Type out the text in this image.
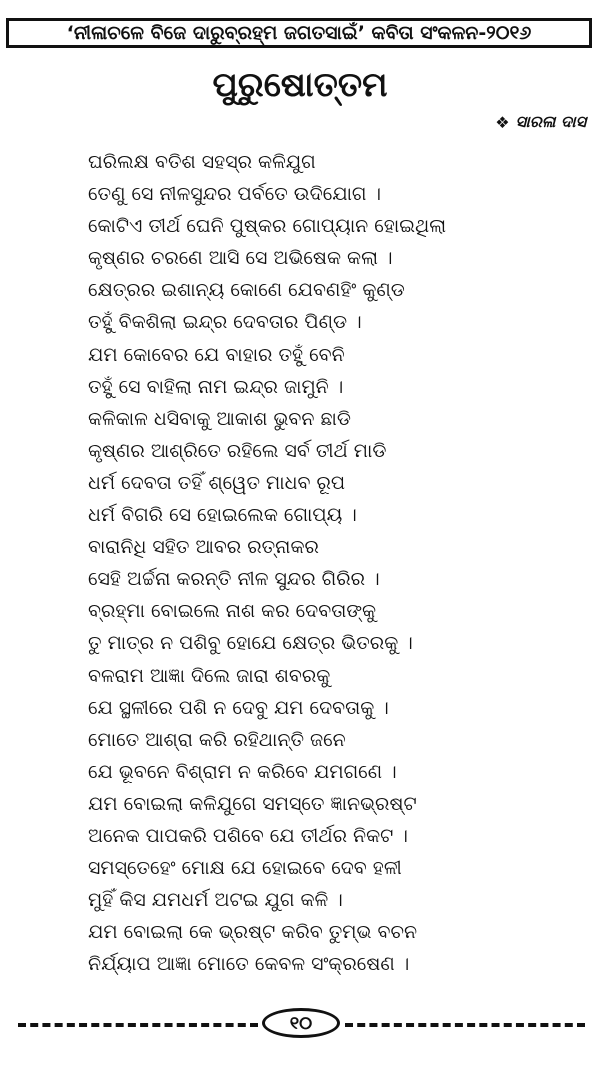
‘ନୀଳାଚଳେ ବିଜେ ଦାରୁବ୍ରହ୍ମ ଜଗତସାଇଁ’ କବିତା ସଂକଳନ-୨୦୧୬
ପୁରୁଷୋତ୍ତମ
❖ ସାରଳା ଦାସ
ଘରିଲକ୍ଷ ବତିଶ ସହସ୍ର କଳିଯୁଗ
ତେଣୁ ସେ ନୀଳସୁନ୍ଦର ପର୍ବତେ ଉଦିଯୋଗ ।
କୋଟିଏ ତୀର୍ଥ ଘେନି ପୁଷ୍କର ଗୋପ୍ୟାନ ହୋଇଥିଲା
କୃଷ୍ଣର ଚରଣେ ଆସି ସେ ଅଭିଷେକ କଲା ।
କ୍ଷେତ୍ରର ଇଶାନ୍ୟ କୋଣେ ଯେବଣହିଂ କୁଣ୍ଡ
ତହୁଁ ବିକଶିଲା ଇନ୍ଦ୍ର ଦେବତାର ପିଣ୍ଡ ।
ଯମ କୋବେର ଯେ ବାହାର ତହୁଁ ବେନି
ତହୁଁ ସେ ବାହିଲା ନାମ ଇନ୍ଦ୍ର ଜାମୁନି ।
କଳିକାଳ ଧସିବାକୁ ଆକାଶ ଭୁବନ ଛାଡି
କୃଷ୍ଣର ଆଶ୍ରିତେ ରହିଲେ ସର୍ବ ତୀର୍ଥ ମାଡି
ଧର୍ମ ଦେବତା ତହିଁ ଶ୍ୱେତ ମାଧବ ରୂପ
ଧର୍ମ ବିଗରି ସେ ହୋଇଲେକ ଗୋପ୍ୟ ।
ବାରାନିଧି ସହିତ ଆବର ରତ୍ନାକର
ସେହି ଅର୍ଚ୍ଚନା କରନ୍ତି ନୀଳ ସୁନ୍ଦର ଗିରିର ।
ବ୍ରହ୍ମା ବୋଇଲେ ନାଶ କର ଦେବତାଙ୍କୁ
ତୁ ମାତ୍ର ନ ପଶିବୁ ହୋଯେ କ୍ଷେତ୍ର ଭିତରକୁ ।
ବଳରାମ ଆଜ୍ଞା ଦିଲେ ଜାରା ଶବରକୁ
ଯେ ସ୍ଥଳୀରେ ପଶି ନ ଦେବୁ ଯମ ଦେବତାକୁ ।
ମୋତେ ଆଶ୍ରା କରି ରହିଥାନ୍ତି ଜନେ
ଯେ ଭୂବନେ ବିଶ୍ରାମ ନ କରିବେ ଯମଗଣେ ।
ଯମ ବୋଇଲା କଳିଯୁଗେ ସମସ୍ତେ ଜ୍ଞାନଭ୍ରଷ୍ଟ
ଅନେକ ପାପକରି ପଶିବେ ଯେ ତୀର୍ଥର ନିକଟ ।
ସମସ୍ତେହେଂ ମୋକ୍ଷ ଯେ ହୋଇବେ ଦେବ ହଳୀ
ମୁହିଁ କିସ ଯମଧର୍ମ ଅଟଇ ଯୁଗ କଳି ।
ଯମ ବୋଇଲା କେ ଭ୍ରଷ୍ଟ କରିବ ତୁମ୍ଭ ବଚନ
ନିର୍ଯ୍ୟାପ ଆଜ୍ଞା ମୋତେ କେବଳ ସଂକ୍ରଷେଣ ।
୧୦
